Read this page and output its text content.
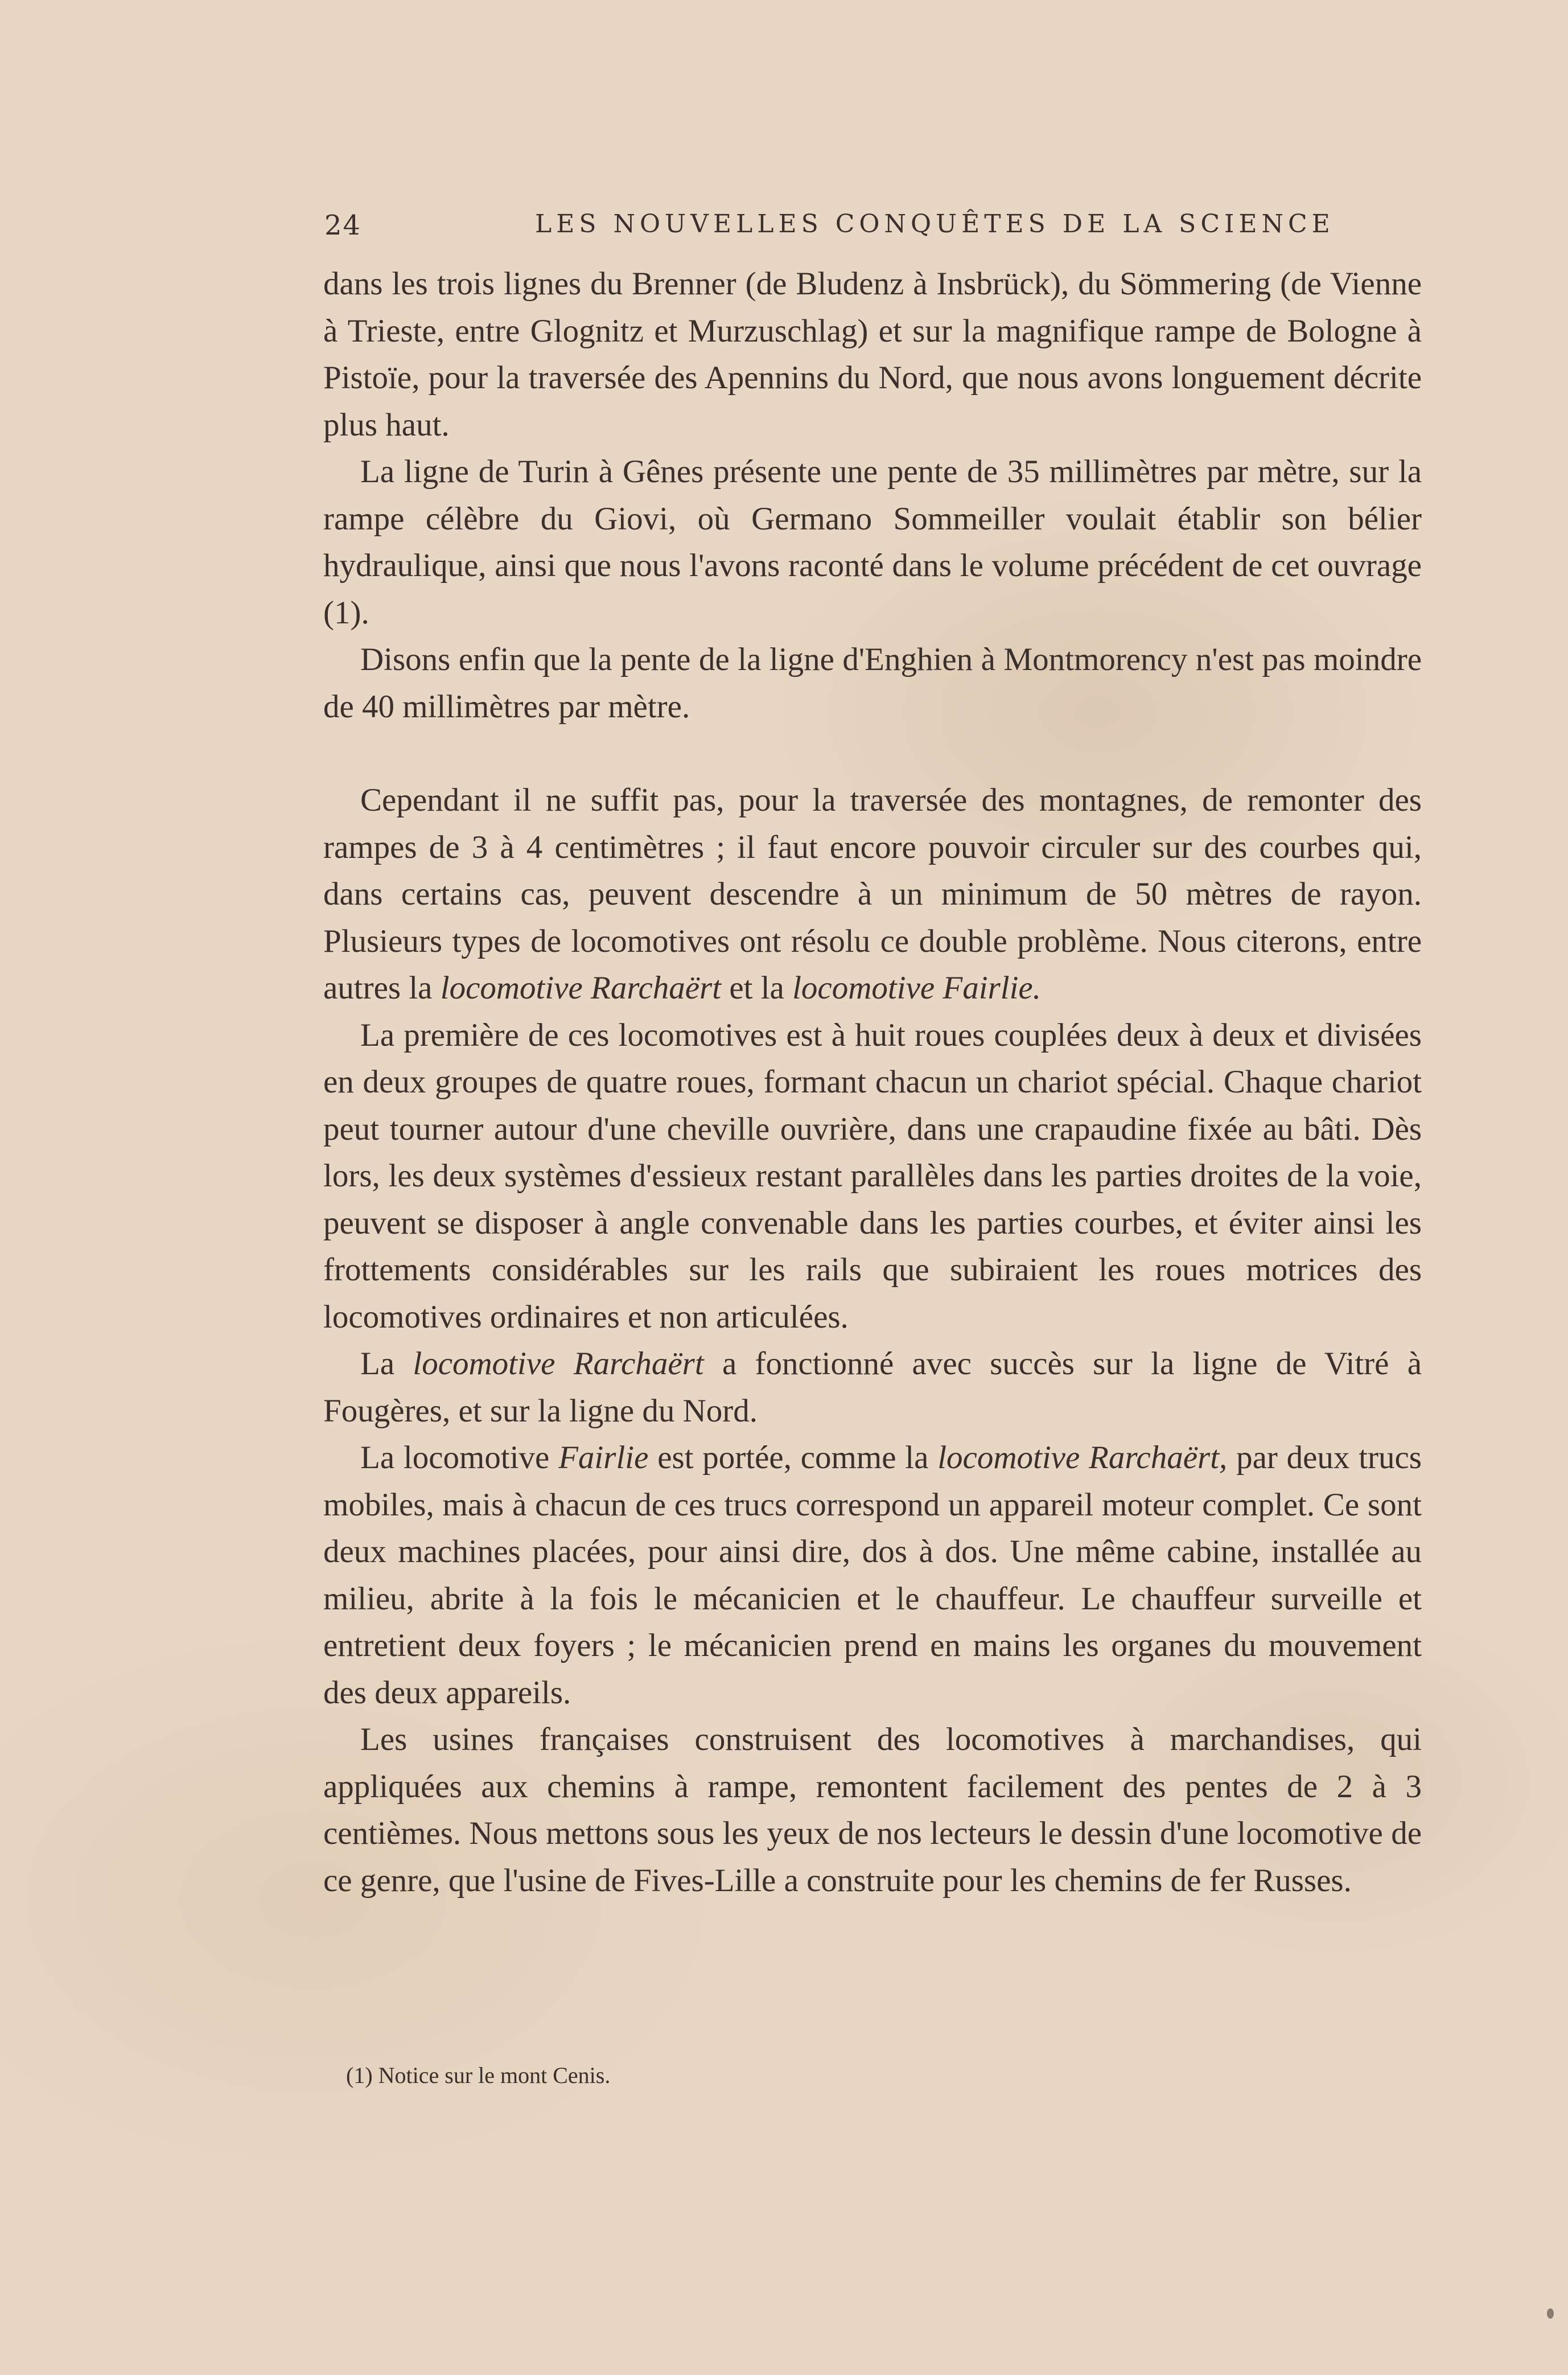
24	LES NOUVELLES CONQUÊTES DE LA SCIENCE

dans les trois lignes du Brenner (de Bludenz à Insbrück), du Sömmering (de Vienne à Trieste, entre Glognitz et Murzuschlag) et sur la magnifique rampe de Bologne à Pistoïe, pour la traversée des Apennins du Nord, que nous avons longuement décrite plus haut.

La ligne de Turin à Gênes présente une pente de 35 millimètres par mètre, sur la rampe célèbre du Giovi, où Germano Sommeiller voulait établir son bélier hydraulique, ainsi que nous l'avons raconté dans le volume précédent de cet ouvrage (1).

Disons enfin que la pente de la ligne d'Enghien à Montmorency n'est pas moindre de 40 millimètres par mètre.

Cependant il ne suffit pas, pour la traversée des montagnes, de remonter des rampes de 3 à 4 centimètres ; il faut encore pouvoir circuler sur des courbes qui, dans certains cas, peuvent descendre à un minimum de 50 mètres de rayon. Plusieurs types de locomotives ont résolu ce double problème. Nous citerons, entre autres la locomotive Rarchaërt et la locomotive Fairlie.

La première de ces locomotives est à huit roues couplées deux à deux et divisées en deux groupes de quatre roues, formant chacun un chariot spécial. Chaque chariot peut tourner autour d'une cheville ouvrière, dans une crapaudine fixée au bâti. Dès lors, les deux systèmes d'essieux restant parallèles dans les parties droites de la voie, peuvent se disposer à angle convenable dans les parties courbes, et éviter ainsi les frottements considérables sur les rails que subiraient les roues motrices des locomotives ordinaires et non articulées.

La locomotive Rarchaërt a fonctionné avec succès sur la ligne de Vitré à Fougères, et sur la ligne du Nord.

La locomotive Fairlie est portée, comme la locomotive Rarchaërt, par deux trucs mobiles, mais à chacun de ces trucs correspond un appareil moteur complet. Ce sont deux machines placées, pour ainsi dire, dos à dos. Une même cabine, installée au milieu, abrite à la fois le mécanicien et le chauffeur. Le chauffeur surveille et entretient deux foyers ; le mécanicien prend en mains les organes du mouvement des deux appareils.

Les usines françaises construisent des locomotives à marchandises, qui appliquées aux chemins à rampe, remontent facilement des pentes de 2 à 3 centièmes. Nous mettons sous les yeux de nos lecteurs le dessin d'une locomotive de ce genre, que l'usine de Fives-Lille a construite pour les chemins de fer Russes.

(1) Notice sur le mont Cenis.
